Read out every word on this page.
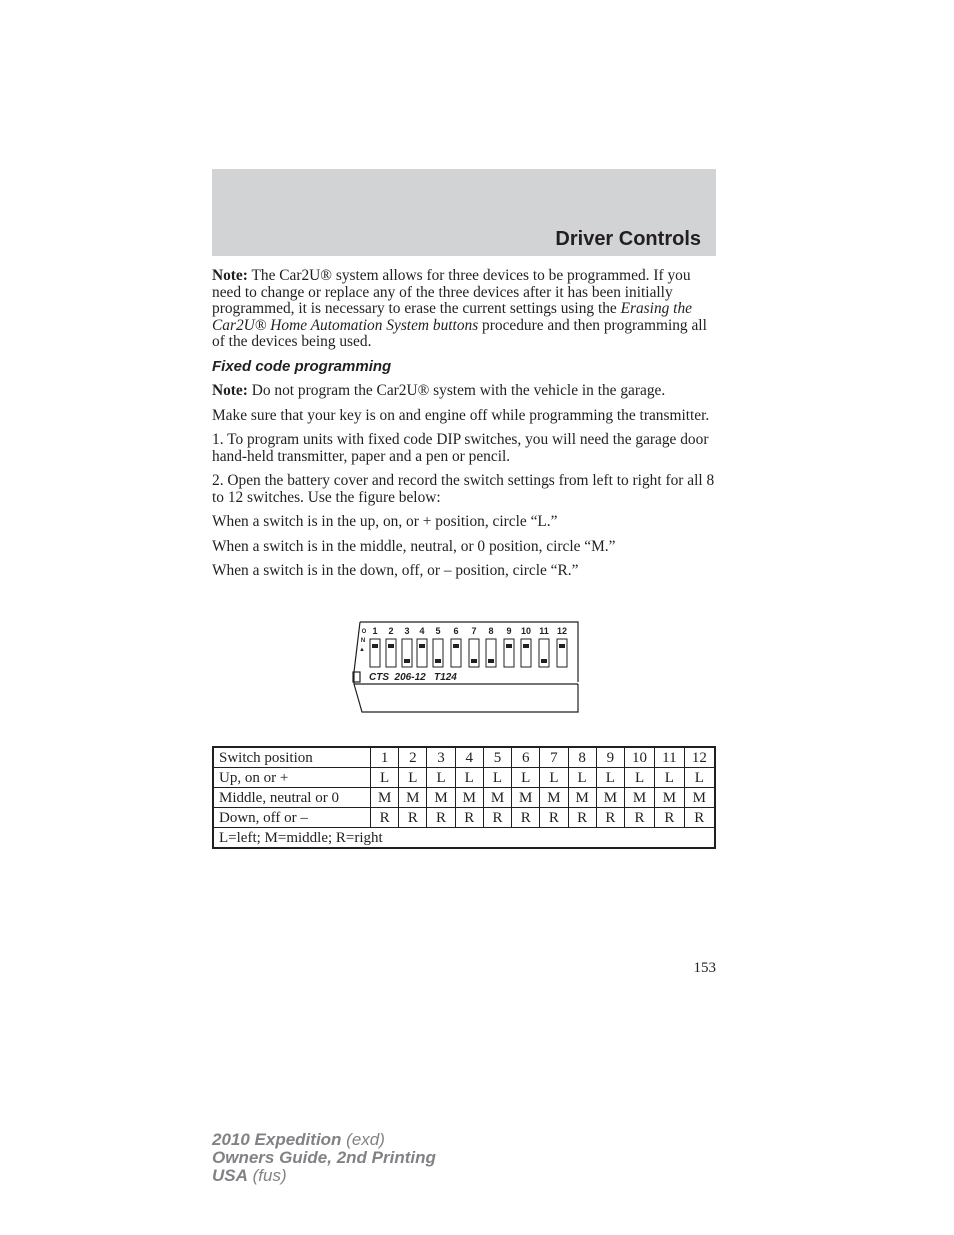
Driver Controls

Note: The Car2U® system allows for three devices to be programmed. If you need to change or replace any of the three devices after it has been initially programmed, it is necessary to erase the current settings using the Erasing the Car2U® Home Automation System buttons procedure and then programming all of the devices being used.

Fixed code programming

Note: Do not program the Car2U® system with the vehicle in the garage.

Make sure that your key is on and engine off while programming the transmitter.

1. To program units with fixed code DIP switches, you will need the garage door hand-held transmitter, paper and a pen or pencil.

2. Open the battery cover and record the switch settings from left to right for all 8 to 12 switches. Use the figure below:

When a switch is in the up, on, or + position, circle “L.”

When a switch is in the middle, neutral, or 0 position, circle “M.”

When a switch is in the down, off, or – position, circle “R.”

1 2 3 4 5 6 7 8 9 10 11 12
O
N
▲
CTS  206-12   T124
Switch position	1	2	3	4	5	6	7	8	9	10	11	12
Up, on or +	L	L	L	L	L	L	L	L	L	L	L	L
Middle, neutral or 0	M	M	M	M	M	M	M	M	M	M	M	M
Down, off or –	R	R	R	R	R	R	R	R	R	R	R	R
L=left; M=middle; R=right												
153
2010 Expedition (exd)
Owners Guide, 2nd Printing
USA (fus)
